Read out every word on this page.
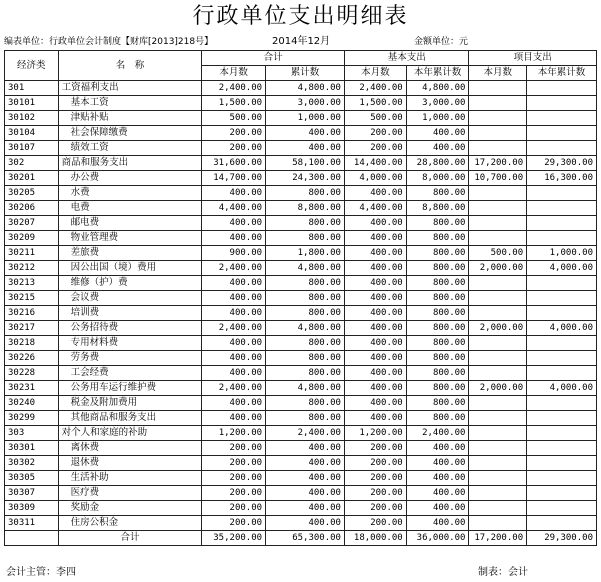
行政单位支出明细表
编表单位：行政单位会计制度【财库[2013]218号】	2014年12月	金额单位：元
经济类	名　称	合计		基本支出		项目支出	
		本月数	累计数	本月数	本年累计数	本月数	本年累计数
301	工资福利支出	2,400.00	4,800.00	2,400.00	4,800.00		
30101	基本工资	1,500.00	3,000.00	1,500.00	3,000.00		
30102	津贴补贴	500.00	1,000.00	500.00	1,000.00		
30104	社会保障缴费	200.00	400.00	200.00	400.00		
30107	绩效工资	200.00	400.00	200.00	400.00		
302	商品和服务支出	31,600.00	58,100.00	14,400.00	28,800.00	17,200.00	29,300.00
30201	办公费	14,700.00	24,300.00	4,000.00	8,000.00	10,700.00	16,300.00
30205	水费	400.00	800.00	400.00	800.00		
30206	电费	4,400.00	8,800.00	4,400.00	8,800.00		
30207	邮电费	400.00	800.00	400.00	800.00		
30209	物业管理费	400.00	800.00	400.00	800.00		
30211	差旅费	900.00	1,800.00	400.00	800.00	500.00	1,000.00
30212	因公出国（境）费用	2,400.00	4,800.00	400.00	800.00	2,000.00	4,000.00
30213	维修（护）费	400.00	800.00	400.00	800.00		
30215	会议费	400.00	800.00	400.00	800.00		
30216	培训费	400.00	800.00	400.00	800.00		
30217	公务招待费	2,400.00	4,800.00	400.00	800.00	2,000.00	4,000.00
30218	专用材料费	400.00	800.00	400.00	800.00		
30226	劳务费	400.00	800.00	400.00	800.00		
30228	工会经费	400.00	800.00	400.00	800.00		
30231	公务用车运行维护费	2,400.00	4,800.00	400.00	800.00	2,000.00	4,000.00
30240	税金及附加费用	400.00	800.00	400.00	800.00		
30299	其他商品和服务支出	400.00	800.00	400.00	800.00		
303	对个人和家庭的补助	1,200.00	2,400.00	1,200.00	2,400.00		
30301	离休费	200.00	400.00	200.00	400.00		
30302	退休费	200.00	400.00	200.00	400.00		
30305	生活补助	200.00	400.00	200.00	400.00		
30307	医疗费	200.00	400.00	200.00	400.00		
30309	奖励金	200.00	400.00	200.00	400.00		
30311	住房公积金	200.00	400.00	200.00	400.00		
	合计	35,200.00	65,300.00	18,000.00	36,000.00	17,200.00	29,300.00
会计主管：李四	制表：会计
